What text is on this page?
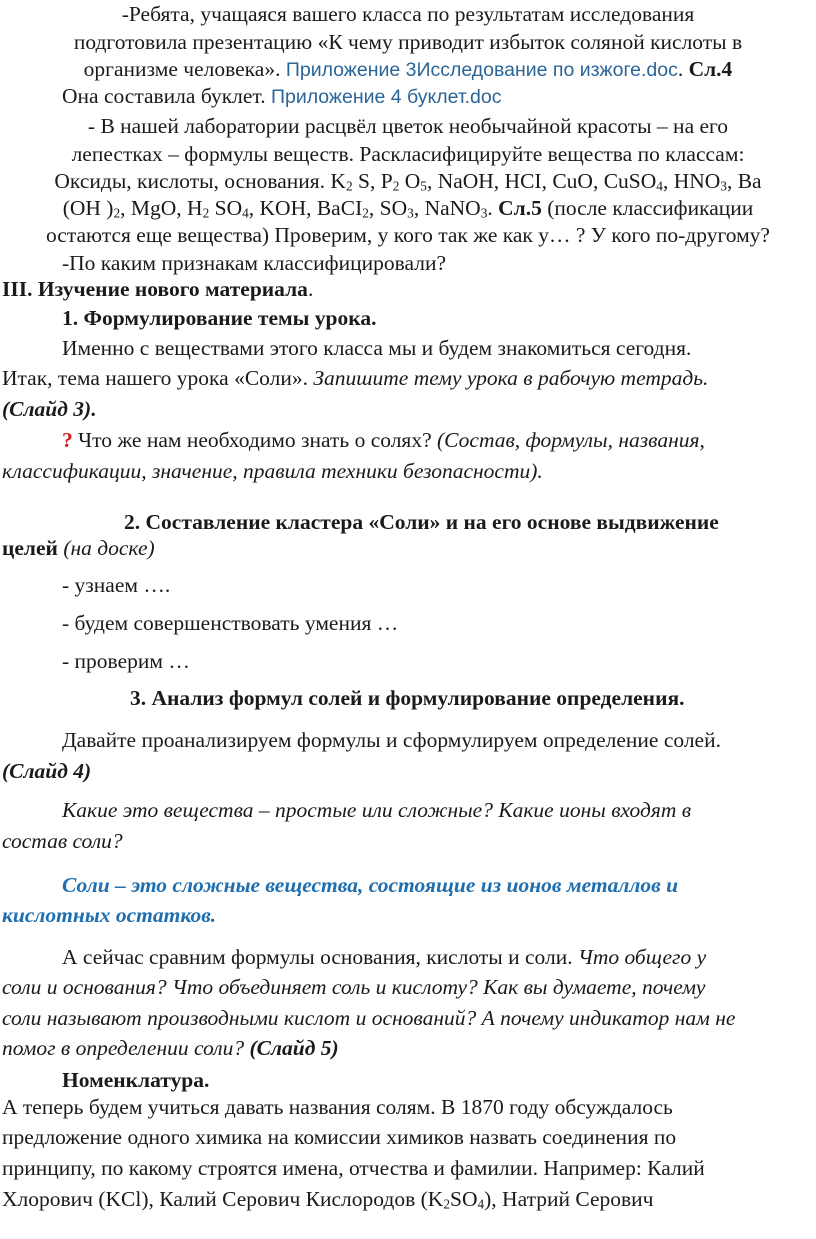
-Ребята, учащаяся вашего класса по результатам исследования
подготовила презентацию «К чему приводит избыток соляной кислоты в
организме человека». Приложение 3Исследование по изжоге.doc. Сл.4
Она составила буклет. Приложение 4 буклет.doc
- В нашей лаборатории расцвёл цветок необычайной красоты – на его
лепестках – формулы веществ. Раскласифицируйте вещества по классам:
Оксиды, кислоты, основания. $K_2$ S, $P_2$ $O_5$, NaOH, HCI, CuO, CuSO$_4$, $HNO_3$, Ba
(OH )$_2$, MgO, $H_2$ $SO_4$, KOH, BaCI$_2$, $SO_3$, NaNO$_3$. Сл.5 (после классификации
остаются еще вещества) Проверим, у кого так же как у… ? У кого по-другому?
-По каким признакам классифицировали?
III. Изучение нового материала.
1. Формулирование темы урока.
Именно с веществами этого класса мы и будем знакомиться сегодня.
Итак, тема нашего урока «Соли». Запишите тему урока в рабочую тетрадь.
(Слайд 3).
? Что же нам необходимо знать о солях? (Состав, формулы, названия,
классификации, значение, правила техники безопасности).
2. Составление кластера «Соли» и на его основе выдвижение
целей (на доске)
- узнаем ….
- будем совершенствовать умения …
- проверим …
3. Анализ формул солей и формулирование определения.
Давайте проанализируем формулы и сформулируем определение солей.
(Слайд 4)
Какие это вещества – простые или сложные? Какие ионы входят в
состав соли?
Соли – это сложные вещества, состоящие из ионов металлов и
кислотных остатков.
А сейчас сравним формулы основания, кислоты и соли. Что общего у
соли и основания? Что объединяет соль и кислоту? Как вы думаете, почему
соли называют производными кислот и оснований? А почему индикатор нам не
помог в определении соли? (Слайд 5)
Номенклатура.
А теперь будем учиться давать названия солям. В 1870 году обсуждалось
предложение одного химика на комиссии химиков назвать соединения по
принципу, по какому строятся имена, отчества и фамилии. Например: Калий
Хлорович (KCl), Калий Серович Кислородов $(K_2SO_4)$, Натрий Серович
